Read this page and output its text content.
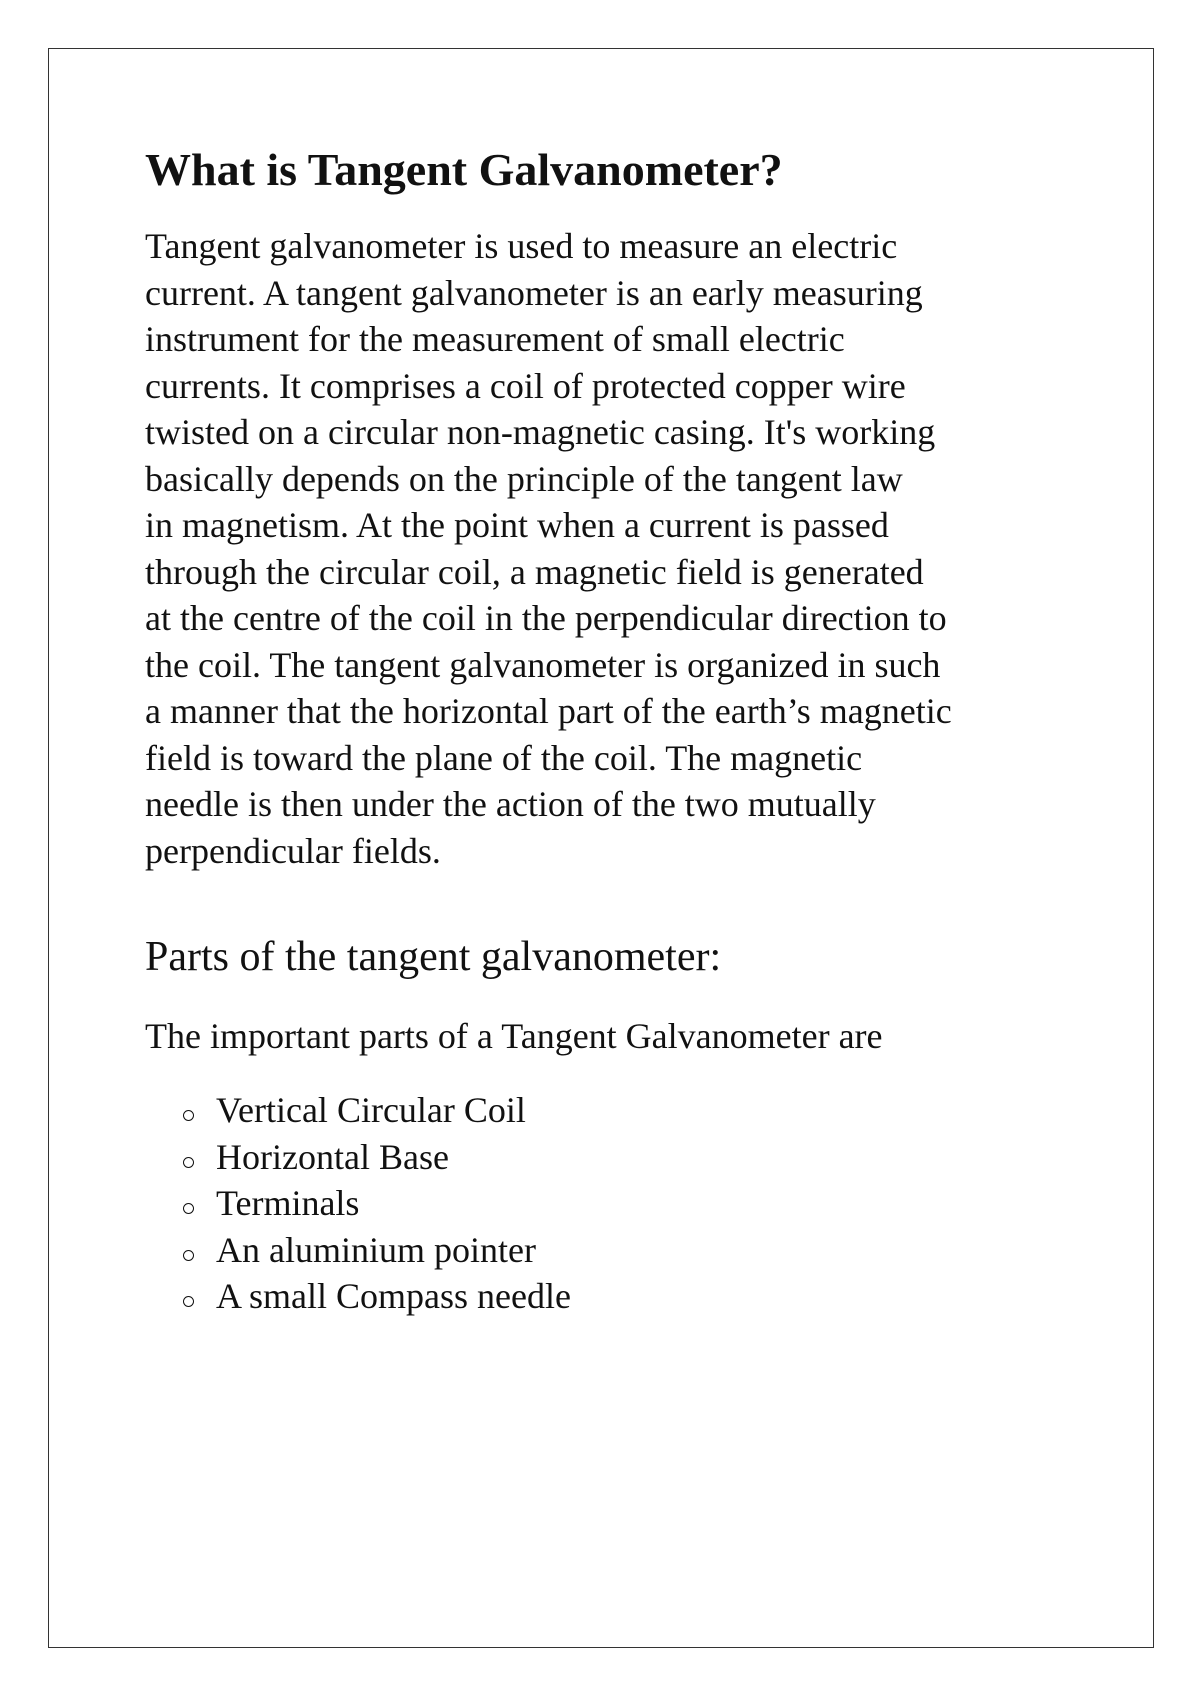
What is Tangent Galvanometer?

Tangent galvanometer is used to measure an electric
current. A tangent galvanometer is an early measuring
instrument for the measurement of small electric
currents. It comprises a coil of protected copper wire
twisted on a circular non-magnetic casing. It's working
basically depends on the principle of the tangent law
in magnetism. At the point when a current is passed
through the circular coil, a magnetic field is generated
at the centre of the coil in the perpendicular direction to
the coil. The tangent galvanometer is organized in such
a manner that the horizontal part of the earth’s magnetic
field is toward the plane of the coil. The magnetic
needle is then under the action of the two mutually
perpendicular fields.

Parts of the tangent galvanometer:

The important parts of a Tangent Galvanometer are

Vertical Circular Coil
Horizontal Base
Terminals
An aluminium pointer
A small Compass needle
